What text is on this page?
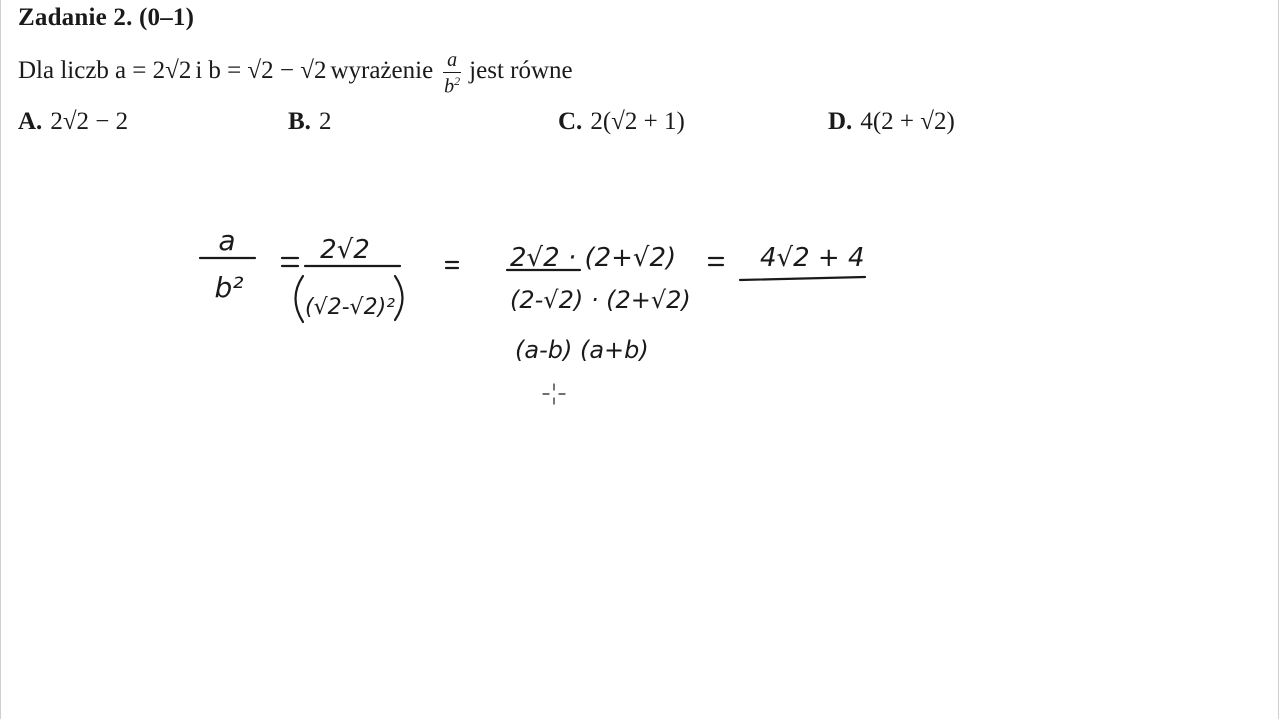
Zadanie 2. (0–1)
Dla liczb a = 2√2 i b = √2 − √2 wyrażenie $\frac{a}{b^2}$ jest równe
A. 2√2 − 2	B. 2	C. 2(√2 + 1)	D. 4(2 + √2)
a
b²
2√2
(√2-√2)²
2√2 · (2+√2)
(2-√2) · (2+√2)
(a-b) (a+b)
4√2 + 4
